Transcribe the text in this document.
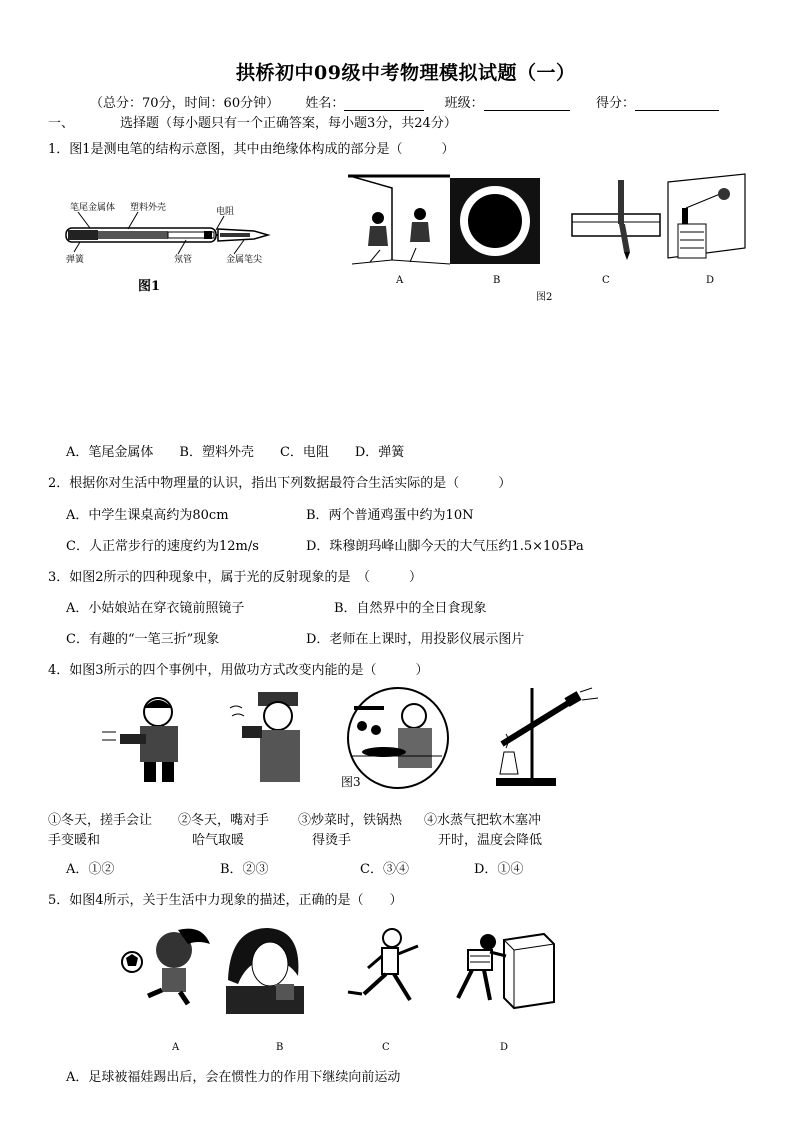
拱桥初中09级中考物理模拟试题（一）
（总分：70分，时间：60分钟） 姓名：	班级：	得分：
一、	选择题（每小题只有一个正确答案，每小题3分，共24分）
1．图1是测电笔的结构示意图，其中由绝缘体构成的部分是（　　　）
笔尾金属体 塑料外壳	电阻
弹簧	氖管	金属笔尖
图1	A	B	C	D
图2
A．笔尾金属体　　B．塑料外壳　　C．电阻　　D．弹簧
2．根据你对生活中物理量的认识，指出下列数据最符合生活实际的是（　　　）
A．中学生课桌高约为80cm	B．两个普通鸡蛋中约为10N
C．人正常步行的速度约为12m/s	D．珠穆朗玛峰山脚今天的大气压约1.5×105Pa
3．如图2所示的四种现象中，属于光的反射现象的是　（　　　）
A．小姑娘站在穿衣镜前照镜子	B．自然界中的全日食现象
C．有趣的“一笔三折”现象	D．老师在上课时，用投影仪展示图片
4．如图3所示的四个事例中，用做功方式改变内能的是（　　　）
图3
①冬天，搓手会让
手变暖和
②冬天，嘴对手
哈气取暖
③炒菜时，铁锅热
得烫手
④水蒸气把软木塞冲
开时，温度会降低
A．①②	B．②③	C．③④	D．①④
5．如图4所示，关于生活中力现象的描述，正确的是（　　）
A	B	C	D
A．足球被福娃踢出后，会在惯性力的作用下继续向前运动
